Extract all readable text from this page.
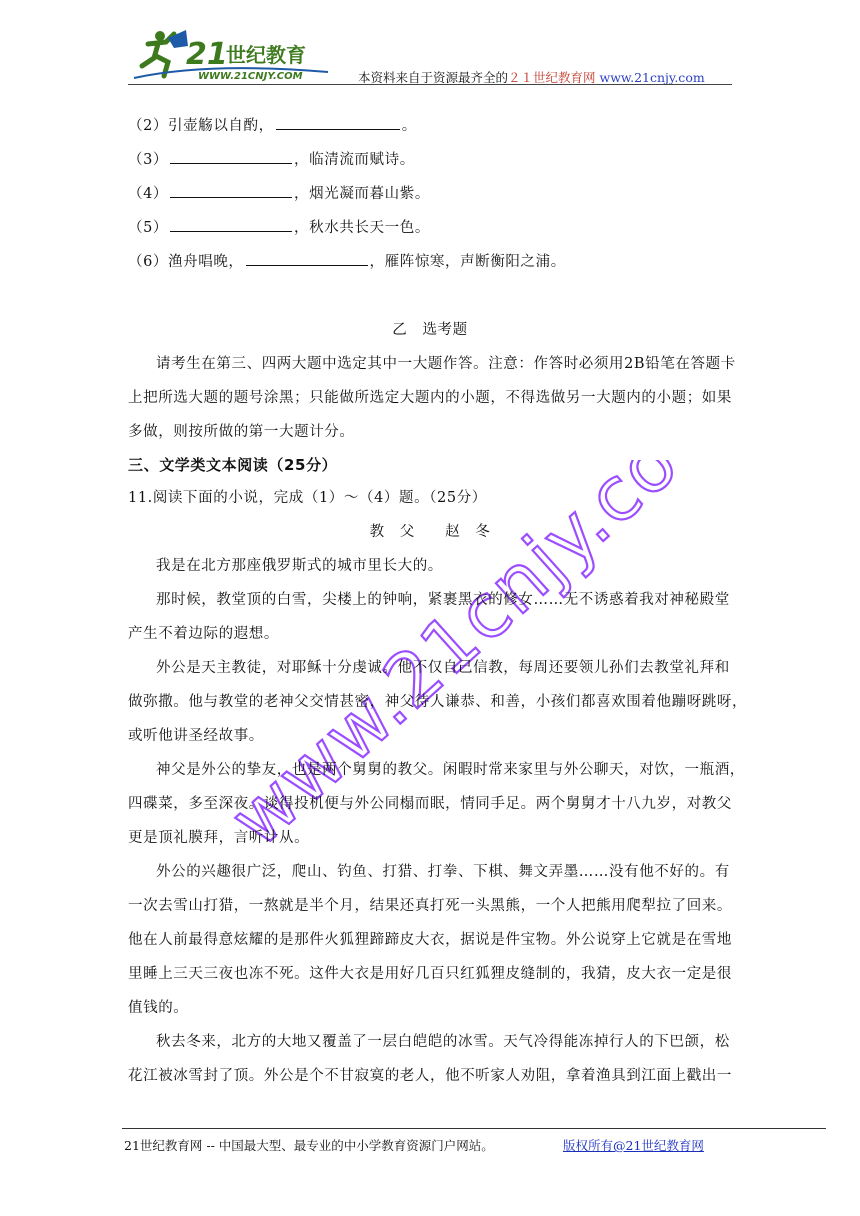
21
世纪教育
WWW.21CNJY.COM	本资料来自于资源最齐全的２１世纪教育网 www.21cnjy.com
www.21cnjy.com
（2）引壶觞以自酌，	。
（3）	，临清流而赋诗。
（4）	，烟光凝而暮山紫。
（5）	，秋水共长天一色。
（6）渔舟唱晚，	，雁阵惊寒，声断衡阳之浦。
乙　选考题
请考生在第三、四两大题中选定其中一大题作答。注意：作答时必须用2B铅笔在答题卡
上把所选大题的题号涂黑；只能做所选定大题内的小题，不得选做另一大题内的小题；如果
多做，则按所做的第一大题计分。
三、文学类文本阅读（25分）
11.阅读下面的小说，完成（1）～（4）题。（25分）
教　父　　赵　冬
我是在北方那座俄罗斯式的城市里长大的。
那时候，教堂顶的白雪，尖楼上的钟响，紧裹黑衣的修女……无不诱惑着我对神秘殿堂
产生不着边际的遐想。
外公是天主教徒，对耶稣十分虔诚。他不仅自己信教，每周还要领儿孙们去教堂礼拜和
做弥撒。他与教堂的老神父交情甚密，神父待人谦恭、和善，小孩们都喜欢围着他蹦呀跳呀，
或听他讲圣经故事。
神父是外公的挚友，也是两个舅舅的教父。闲暇时常来家里与外公聊天，对饮，一瓶酒，
四碟菜，多至深夜。谈得投机便与外公同榻而眠，情同手足。两个舅舅才十八九岁，对教父
更是顶礼膜拜，言听计从。
外公的兴趣很广泛，爬山、钓鱼、打猎、打拳、下棋、舞文弄墨……没有他不好的。有
一次去雪山打猎，一熬就是半个月，结果还真打死一头黑熊，一个人把熊用爬犁拉了回来。
他在人前最得意炫耀的是那件火狐狸蹄蹄皮大衣，据说是件宝物。外公说穿上它就是在雪地
里睡上三天三夜也冻不死。这件大衣是用好几百只红狐狸皮缝制的，我猜，皮大衣一定是很
值钱的。
秋去冬来，北方的大地又覆盖了一层白皑皑的冰雪。天气冷得能冻掉行人的下巴颌，松
花江被冰雪封了顶。外公是个不甘寂寞的老人，他不听家人劝阻，拿着渔具到江面上戳出一
21世纪教育网 -- 中国最大型、最专业的中小学教育资源门户网站。	版权所有@21世纪教育网
